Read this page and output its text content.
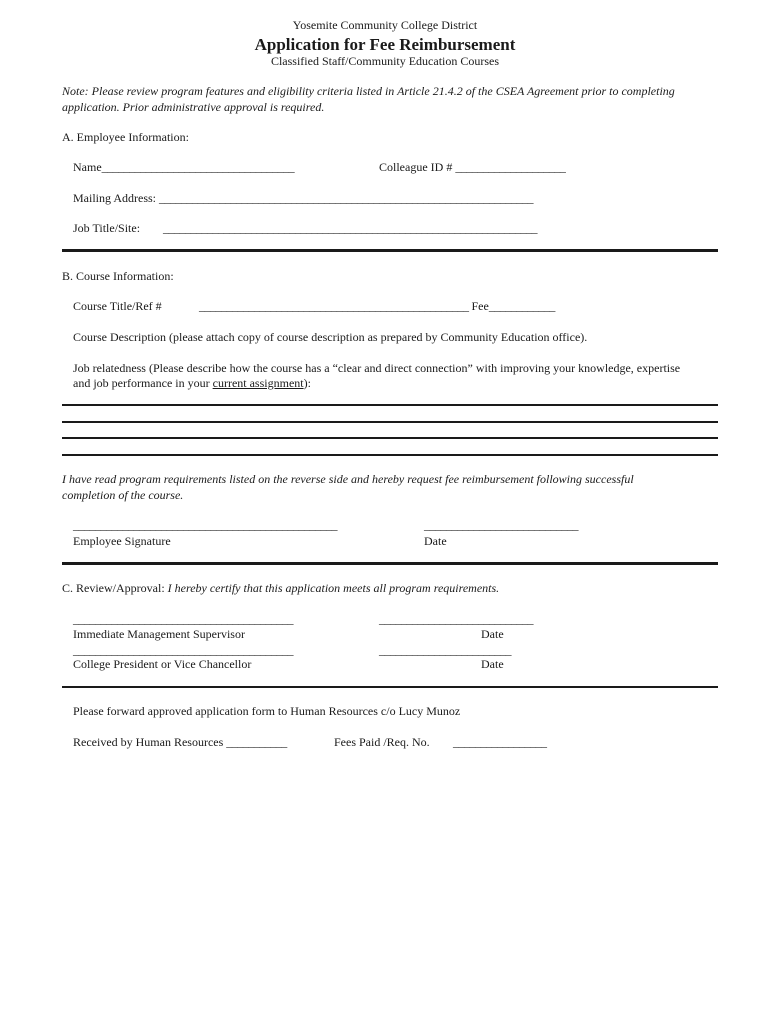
Yosemite Community College District
Application for Fee Reimbursement
Classified Staff/Community Education Courses
Note: Please review program features and eligibility criteria listed in Article 21.4.2 of the CSEA Agreement prior to completing
application. Prior administrative approval is required.
A. Employee Information:
Name___________________________________	Colleague ID # ____________________
Mailing Address: ____________________________________________________________________
Job Title/Site: ____________________________________________________________________
B. Course Information:
Course Title/Ref #	_________________________________________________ Fee____________
Course Description (please attach copy of course description as prepared by Community Education office).
Job relatedness (Please describe how the course has a “clear and direct connection” with improving your knowledge, expertise
and job performance in your current assignment):
I have read program requirements listed on the reverse side and hereby request fee reimbursement following successful
completion of the course.
________________________________________________	____________________________
Employee Signature	Date
C. Review/Approval: I hereby certify that this application meets all program requirements.
________________________________________	____________________________
Immediate Management Supervisor	Date
________________________________________	________________________
College President or Vice Chancellor	Date
Please forward approved application form to Human Resources c/o Lucy Munoz
Received by Human Resources ___________	Fees Paid /Req. No. _________________
